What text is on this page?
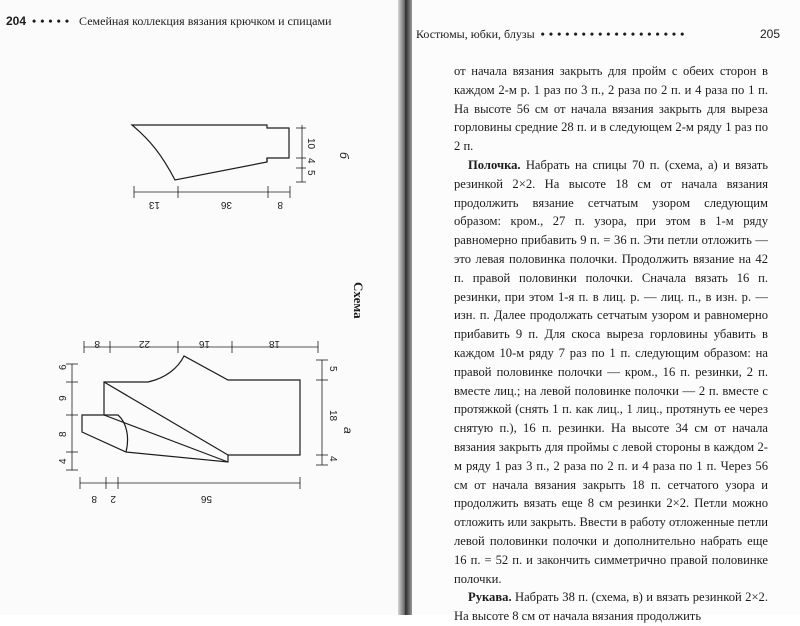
204 ••••• Семейная коллекция вязания крючком и спицами
10
4
5
б
13	36	8
Схема
8	22	16	18
6
9
8
4
5
18
4
а
2
8	56
Костюмы, юбки, блузы ••••••••••••••••••	205

от начала вязания закрыть для пройм с обеих сторон в каждом 2-м р. 1 раз по 3 п., 2 раза по 2 п. и 4 раза по 1 п. На высоте 56 см от начала вязания закрыть для выреза горловины средние 28 п. и в следующем 2-м ряду 1 раз по 2 п.

Полочка. Набрать на спицы 70 п. (схема, а) и вязать резинкой 2×2. На высоте 18 см от начала вязания продолжить вязание сетчатым узором следующим образом: кром., 27 п. узора, при этом в 1-м ряду равномерно прибавить 9 п. = 36 п. Эти петли отложить — это левая половинка полочки. Продолжить вязание на 42 п. правой половинки полочки. Сначала вязать 16 п. резинки, при этом 1-я п. в лиц. р. — лиц. п., в изн. р. — изн. п. Далее продолжать сетчатым узором и равномерно прибавить 9 п. Для скоса выреза горловины убавить в каждом 10-м ряду 7 раз по 1 п. следующим образом: на правой половинке полочки — кром., 16 п. резинки, 2 п. вместе лиц.; на левой половинке полочки — 2 п. вместе с протяжкой (снять 1 п. как лиц., 1 лиц., протянуть ее через снятую п.), 16 п. резинки. На высоте 34 см от начала вязания закрыть для проймы с левой стороны в каждом 2-м ряду 1 раз 3 п., 2 раза по 2 п. и 4 раза по 1 п. Через 56 см от начала вязания закрыть 18 п. сетчатого узора и продолжить вязать еще 8 см резинки 2×2. Петли можно отложить или закрыть. Ввести в работу отложенные петли левой половинки полочки и дополнительно набрать еще 16 п. = 52 п. и закончить симметрично правой половинке полочки.

Рукава. Набрать 38 п. (схема, в) и вязать резинкой 2×2. На высоте 8 см от начала вязания продолжить
